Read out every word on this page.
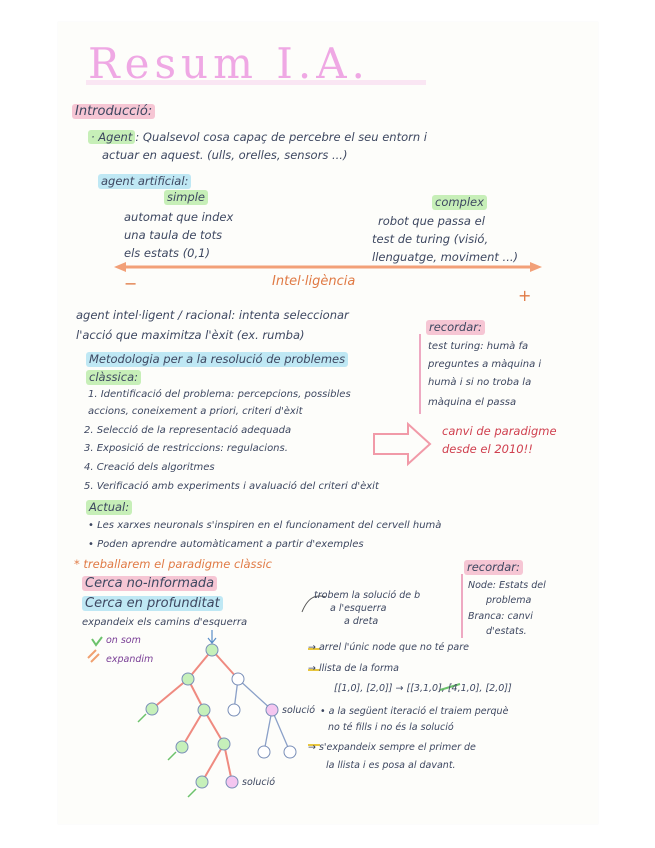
Resum I.A.
Introducció:
· Agent : Qualsevol cosa capaç de percebre el seu entorn i
actuar en aquest. (ulls, orelles, sensors ...)
agent artificial:
simple	complex
automat que index
una taula de tots
els estats (0,1)
robot que passa el
test de turing (visió,
llenguatge, moviment ...)
Intel·ligència
−
+
agent intel·ligent / racional: intenta seleccionar
l'acció que maximitza l'èxit (ex. rumba)
recordar:
test turing: humà fa
preguntes a màquina i
humà i si no troba la
màquina el passa
Metodologia per a la resolució de problemes
clàssica:
1. Identificació del problema: percepcions, possibles
accions, coneixement a priori, criteri d'èxit
2. Selecció de la representació adequada
3. Exposició de restriccions: regulacions.
4. Creació dels algoritmes
5. Verificació amb experiments i avaluació del criteri d'èxit
canvi de paradigme
desde el 2010!!
Actual:
• Les xarxes neuronals s'inspiren en el funcionament del cervell humà
• Poden aprendre automàticament a partir d'exemples
* treballarem el paradigme clàssic
Cerca no-informada
Cerca en profunditat
expandeix els camins d'esquerra
trobem la solució de b
a l'esquerra
a dreta
on som
expandim
solució
solució
→ arrel l'únic node que no té pare
→ llista de la forma
[[1,0], [2,0]] → [[3,1,0], [4,1,0], [2,0]]
• a la següent iteració el traiem perquè
no té fills i no és la solució
→ s'expandeix sempre el primer de
la llista i es posa al davant.
recordar:
Node: Estats del
problema
Branca: canvi
d'estats.
